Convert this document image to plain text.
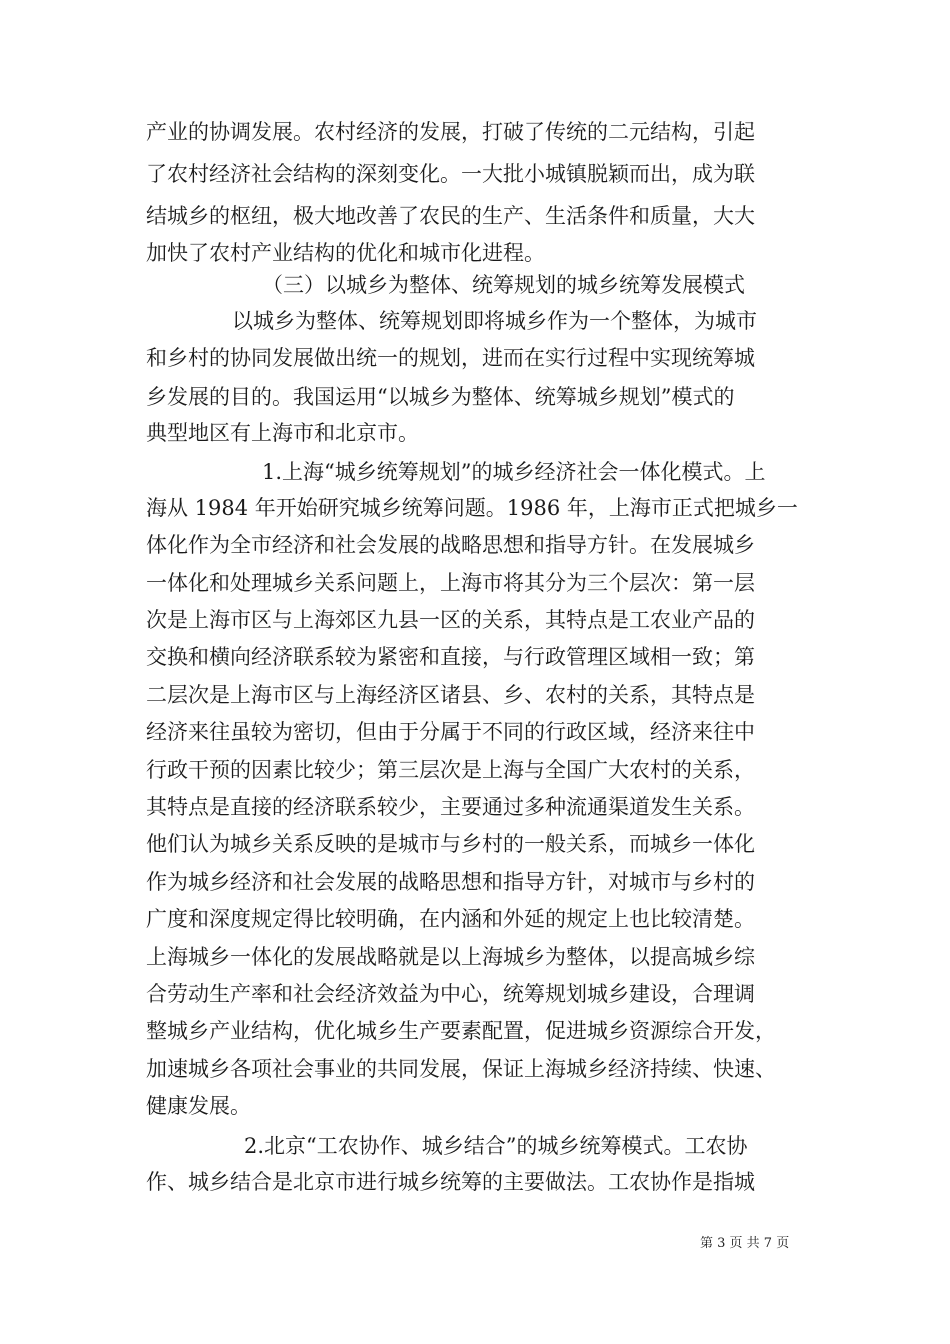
产业的协调发展。农村经济的发展，打破了传统的二元结构，引起
了农村经济社会结构的深刻变化。一大批小城镇脱颖而出，成为联
结城乡的枢纽，极大地改善了农民的生产、生活条件和质量，大大
加快了农村产业结构的优化和城市化进程。
（三）以城乡为整体、统筹规划的城乡统筹发展模式
以城乡为整体、统筹规划即将城乡作为一个整体，为城市
和乡村的协同发展做出统一的规划，进而在实行过程中实现统筹城
乡发展的目的。我国运用“以城乡为整体、统筹城乡规划”模式的
典型地区有上海市和北京市。
1.上海“城乡统筹规划”的城乡经济社会一体化模式。上
海从 1984 年开始研究城乡统筹问题。1986 年，上海市正式把城乡一
体化作为全市经济和社会发展的战略思想和指导方针。在发展城乡
一体化和处理城乡关系问题上，上海市将其分为三个层次：第一层
次是上海市区与上海郊区九县一区的关系，其特点是工农业产品的
交换和横向经济联系较为紧密和直接，与行政管理区域相一致；第
二层次是上海市区与上海经济区诸县、乡、农村的关系，其特点是
经济来往虽较为密切，但由于分属于不同的行政区域，经济来往中
行政干预的因素比较少；第三层次是上海与全国广大农村的关系，
其特点是直接的经济联系较少，主要通过多种流通渠道发生关系。
他们认为城乡关系反映的是城市与乡村的一般关系，而城乡一体化
作为城乡经济和社会发展的战略思想和指导方针，对城市与乡村的
广度和深度规定得比较明确，在内涵和外延的规定上也比较清楚。
上海城乡一体化的发展战略就是以上海城乡为整体，以提高城乡综
合劳动生产率和社会经济效益为中心，统筹规划城乡建设，合理调
整城乡产业结构，优化城乡生产要素配置，促进城乡资源综合开发，
加速城乡各项社会事业的共同发展，保证上海城乡经济持续、快速、
健康发展。
2.北京“工农协作、城乡结合”的城乡统筹模式。工农协
作、城乡结合是北京市进行城乡统筹的主要做法。工农协作是指城
第 3 页 共 7 页
